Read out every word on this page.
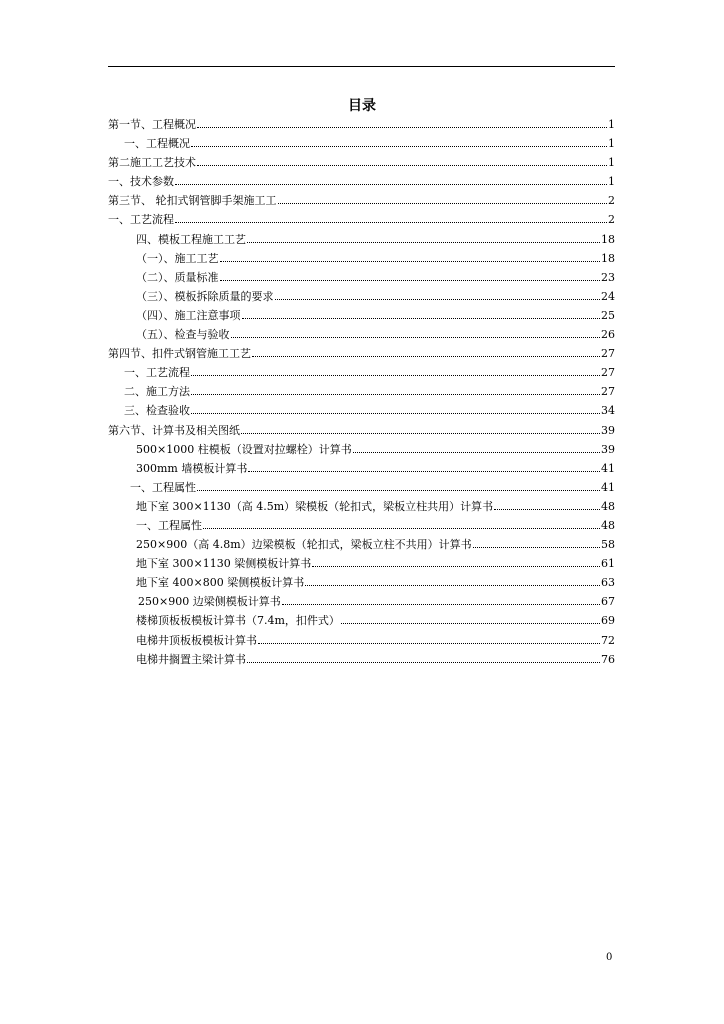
目录
第一节、工程概况	1
一、工程概况	1
第二施工工艺技术	1
一、技术参数	1
第三节、 轮扣式钢管脚手架施工工	2
一、工艺流程	2
四、模板工程施工工艺	18
（一）、施工工艺	18
（二）、质量标准	23
（三）、模板拆除质量的要求	24
（四）、施工注意事项	25
（五）、检查与验收	26
第四节、扣件式钢管施工工艺	27
一、工艺流程	27
二、施工方法	27
三、检查验收	34
第六节、计算书及相关图纸	39
500×1000 柱模板（设置对拉螺栓）计算书	39
300mm 墙模板计算书	41
一、工程属性	41
地下室 300×1130（高 4.5m）梁模板（轮扣式，梁板立柱共用）计算书	48
一、工程属性	48
250×900（高 4.8m）边梁模板（轮扣式，梁板立柱不共用）计算书	58
地下室 300×1130 梁侧模板计算书	61
地下室 400×800 梁侧模板计算书	63
250×900 边梁侧模板计算书	67
楼梯顶板板模板计算书（7.4m，扣件式）	69
电梯井顶板板模板计算书	72
电梯井搁置主梁计算书	76
0
